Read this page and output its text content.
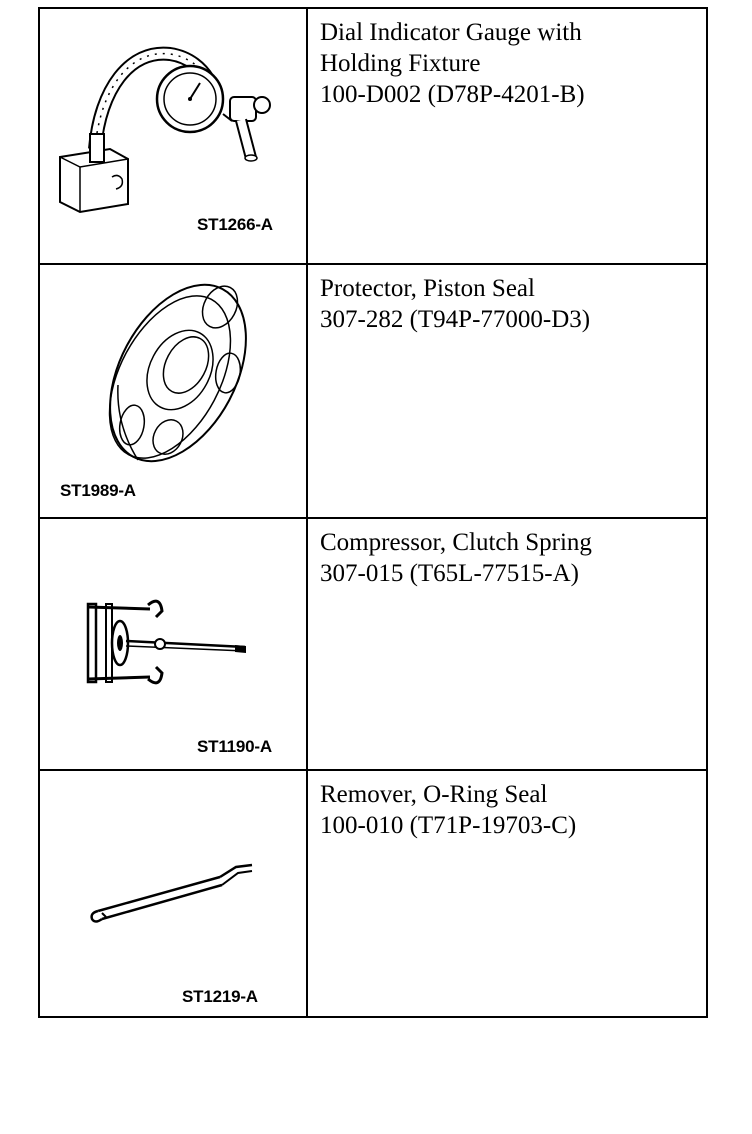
ST1266-A
Dial Indicator Gauge with
Holding Fixture
100-D002 (D78P-4201-B)
ST1989-A
Protector, Piston Seal
307-282 (T94P-77000-D3)
ST1190-A
Compressor, Clutch Spring
307-015 (T65L-77515-A)
ST1219-A
Remover, O-Ring Seal
100-010 (T71P-19703-C)
